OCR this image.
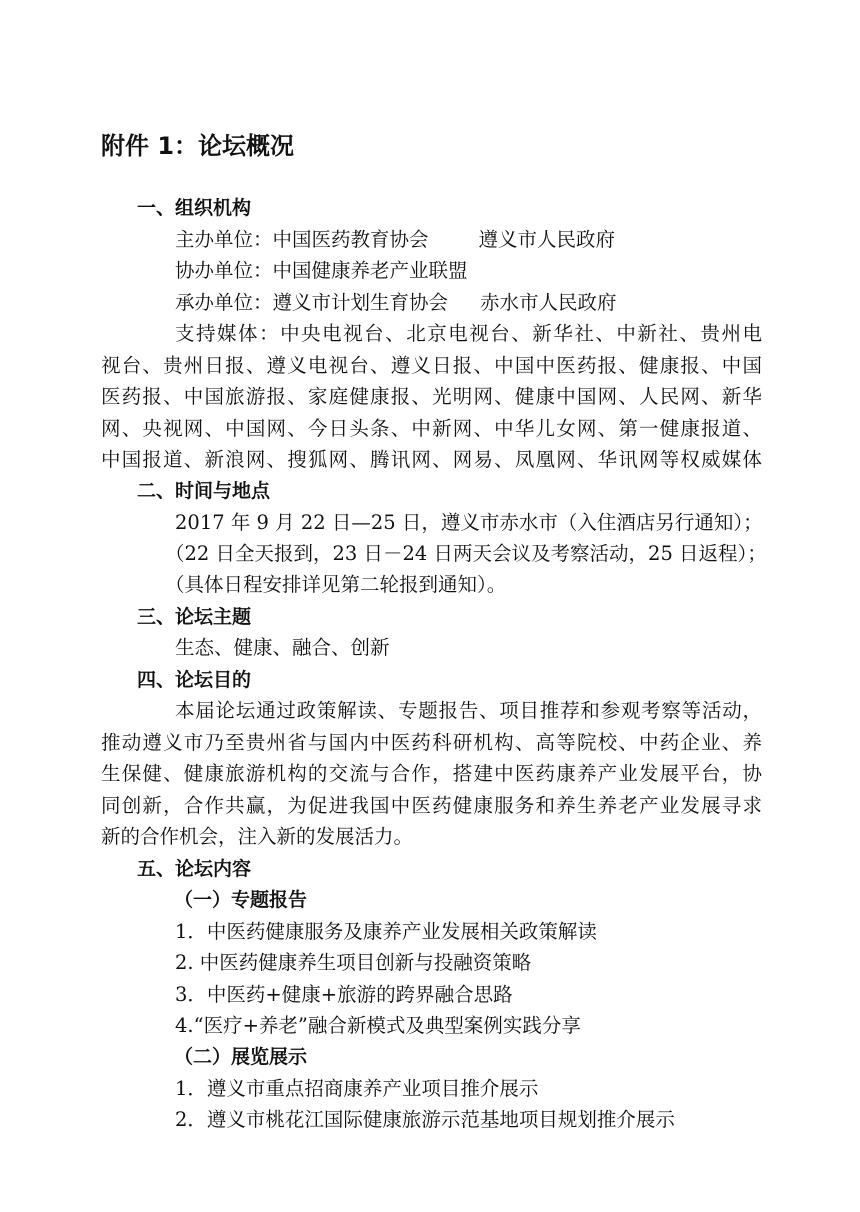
附件 1：论坛概况
一、组织机构
主办单位：中国医药教育协会	遵义市人民政府
协办单位：中国健康养老产业联盟
承办单位：遵义市计划生育协会 赤水市人民政府
支持媒体：中央电视台、北京电视台、新华社、中新社、贵州电
视台、贵州日报、遵义电视台、遵义日报、中国中医药报、健康报、中国
医药报、中国旅游报、家庭健康报、光明网、健康中国网、人民网、新华
网、央视网、中国网、今日头条、中新网、中华儿女网、第一健康报道、
中国报道、新浪网、搜狐网、腾讯网、网易、凤凰网、华讯网等权威媒体
二、时间与地点
2017 年 9 月 22 日—25 日，遵义市赤水市（入住酒店另行通知）；
（22 日全天报到，23 日－24 日两天会议及考察活动，25 日返程）；
（具体日程安排详见第二轮报到通知）。
三、论坛主题
生态、健康、融合、创新
四、论坛目的
本届论坛通过政策解读、专题报告、项目推荐和参观考察等活动，
推动遵义市乃至贵州省与国内中医药科研机构、高等院校、中药企业、养
生保健、健康旅游机构的交流与合作，搭建中医药康养产业发展平台，协
同创新，合作共赢，为促进我国中医药健康服务和养生养老产业发展寻求
新的合作机会，注入新的发展活力。
五、论坛内容
（一）专题报告
1．中医药健康服务及康养产业发展相关政策解读
2. 中医药健康养生项目创新与投融资策略
3．中医药+健康+旅游的跨界融合思路
4.“医疗+养老”融合新模式及典型案例实践分享
（二）展览展示
1．遵义市重点招商康养产业项目推介展示
2．遵义市桃花江国际健康旅游示范基地项目规划推介展示
